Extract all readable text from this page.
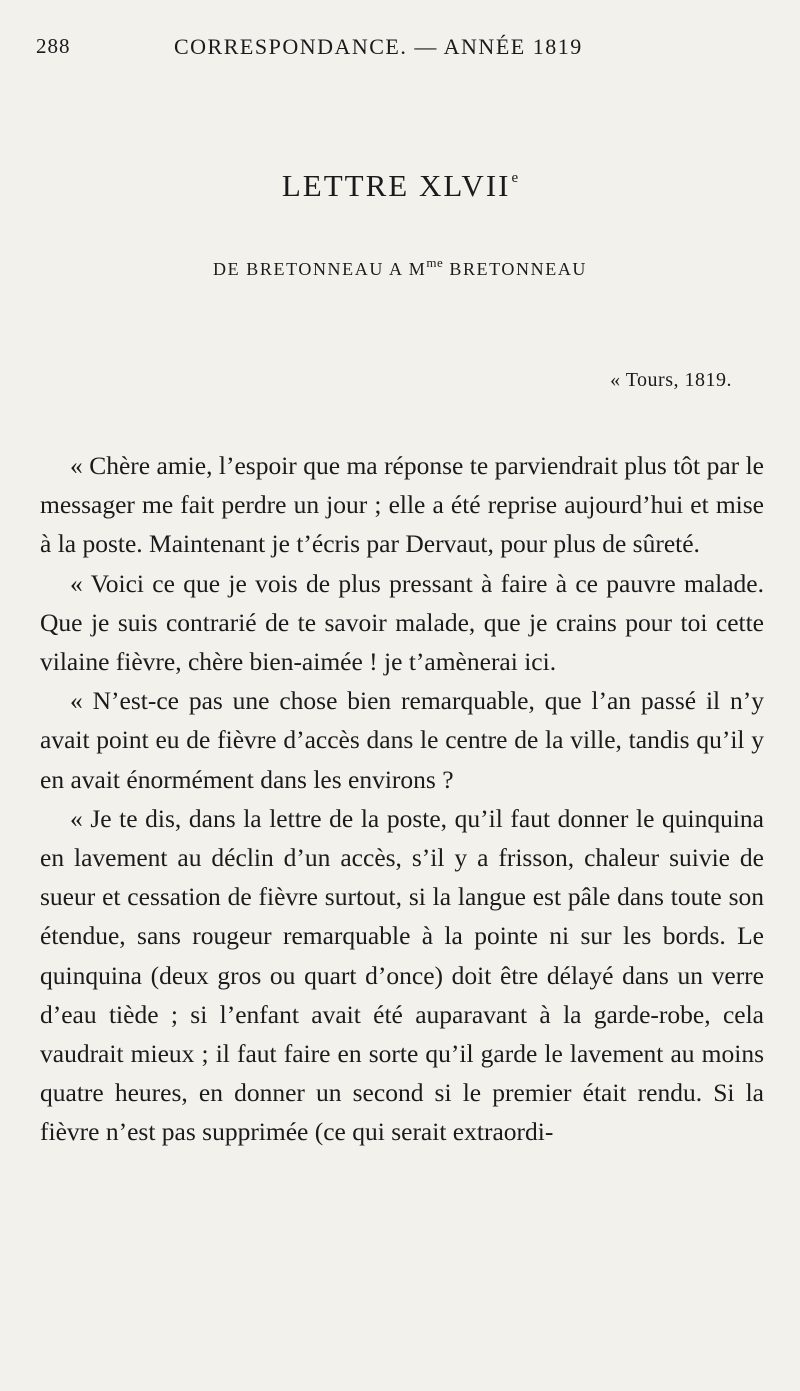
288	CORRESPONDANCE. — ANNÉE 1819
LETTRE XLVIIe
DE BRETONNEAU A $M^{me}$ BRETONNEAU
« Tours, 1819.

« Chère amie, l’espoir que ma réponse te parviendrait plus tôt par le messager me fait perdre un jour ; elle a été reprise aujourd’hui et mise à la poste. Maintenant je t’écris par Dervaut, pour plus de sûreté.

« Voici ce que je vois de plus pressant à faire à ce pauvre malade. Que je suis contrarié de te savoir malade, que je crains pour toi cette vilaine fièvre, chère bien-aimée ! je t’amènerai ici.

« N’est-ce pas une chose bien remarquable, que l’an passé il n’y avait point eu de fièvre d’accès dans le centre de la ville, tandis qu’il y en avait énormément dans les environs ?

« Je te dis, dans la lettre de la poste, qu’il faut donner le quinquina en lavement au déclin d’un accès, s’il y a frisson, chaleur suivie de sueur et cessation de fièvre surtout, si la langue est pâle dans toute son étendue, sans rougeur remarquable à la pointe ni sur les bords. Le quinquina (deux gros ou quart d’once) doit être délayé dans un verre d’eau tiède ; si l’enfant avait été auparavant à la garde-robe, cela vaudrait mieux ; il faut faire en sorte qu’il garde le lavement au moins quatre heures, en donner un second si le premier était rendu. Si la fièvre n’est pas supprimée (ce qui serait extraordi-
